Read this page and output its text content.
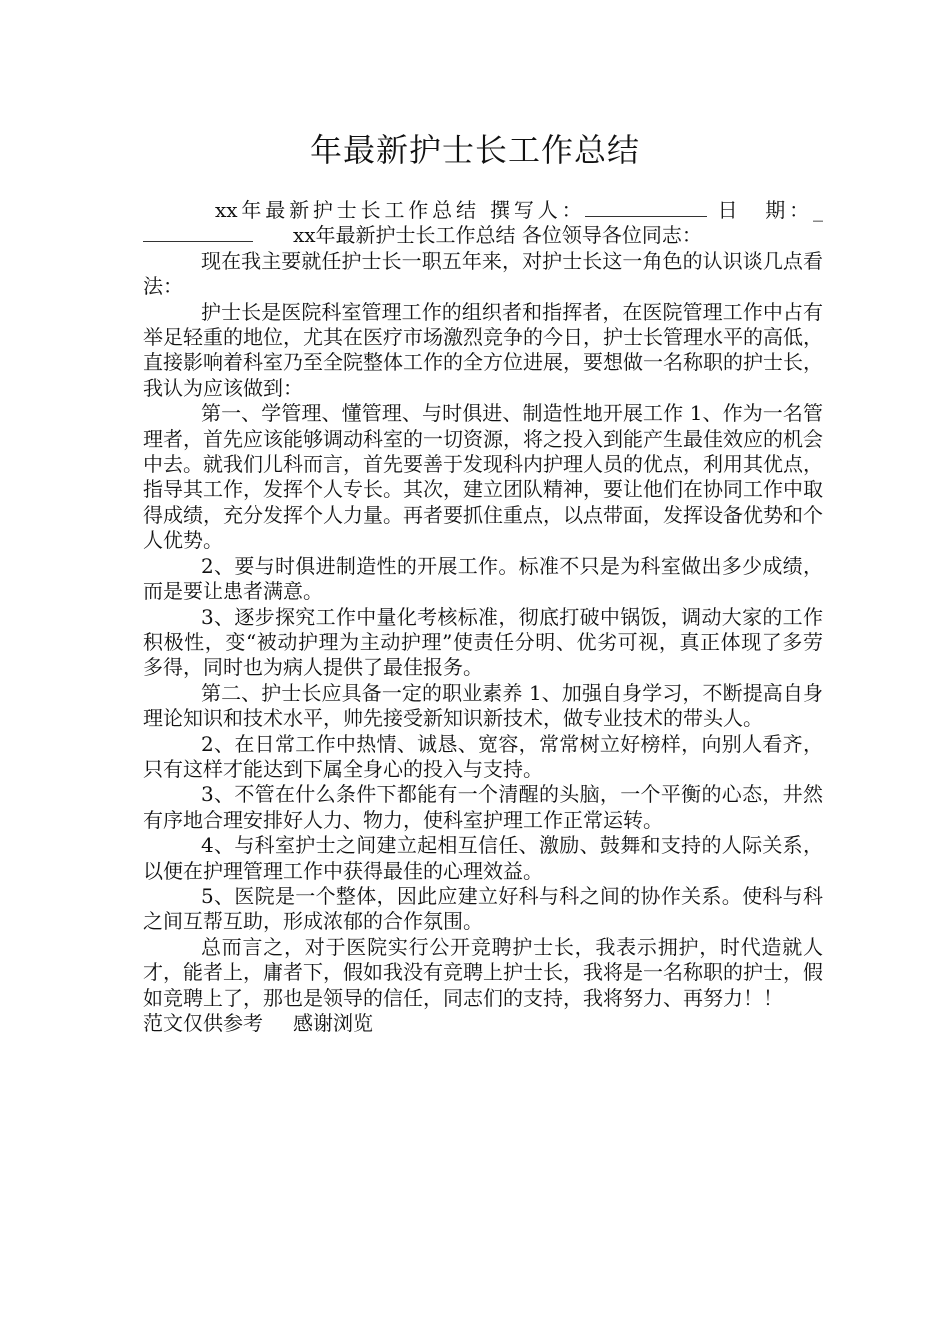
年最新护士长工作总结

xx年最新护士长工作总结 撰写人：	日　期：_ xx年最新护士长工作总结 各位领导各位同志：

现在我主要就任护士长一职五年来，对护士长这一角色的认识谈几点看法：

护士长是医院科室管理工作的组织者和指挥者，在医院管理工作中占有举足轻重的地位，尤其在医疗市场激烈竞争的今日，护士长管理水平的高低，直接影响着科室乃至全院整体工作的全方位进展，要想做一名称职的护士长，我认为应该做到：

第一、学管理、懂管理、与时俱进、制造性地开展工作 1、作为一名管理者，首先应该能够调动科室的一切资源，将之投入到能产生最佳效应的机会中去。就我们儿科而言，首先要善于发现科内护理人员的优点，利用其优点，指导其工作，发挥个人专长。其次，建立团队精神，要让他们在协同工作中取得成绩，充分发挥个人力量。再者要抓住重点，以点带面，发挥设备优势和个人优势。

2、要与时俱进制造性的开展工作。标准不只是为科室做出多少成绩，而是要让患者满意。

3、逐步探究工作中量化考核标准，彻底打破中锅饭，调动大家的工作积极性，变“被动护理为主动护理”使责任分明、优劣可视，真正体现了多劳多得，同时也为病人提供了最佳报务。

第二、护士长应具备一定的职业素养 1、加强自身学习，不断提高自身理论知识和技术水平，帅先接受新知识新技术，做专业技术的带头人。

2、在日常工作中热情、诚恳、宽容，常常树立好榜样，向别人看齐，只有这样才能达到下属全身心的投入与支持。

3、不管在什么条件下都能有一个清醒的头脑，一个平衡的心态，井然有序地合理安排好人力、物力，使科室护理工作正常运转。

4、与科室护士之间建立起相互信任、激励、鼓舞和支持的人际关系，以便在护理管理工作中获得最佳的心理效益。

5、医院是一个整体，因此应建立好科与科之间的协作关系。使科与科之间互帮互助，形成浓郁的合作氛围。

总而言之，对于医院实行公开竞聘护士长，我表示拥护，时代造就人才，能者上，庸者下，假如我没有竞聘上护士长，我将是一名称职的护士，假如竞聘上了，那也是领导的信任，同志们的支持，我将努力、再努力！！范文仅供参考 感谢浏览
